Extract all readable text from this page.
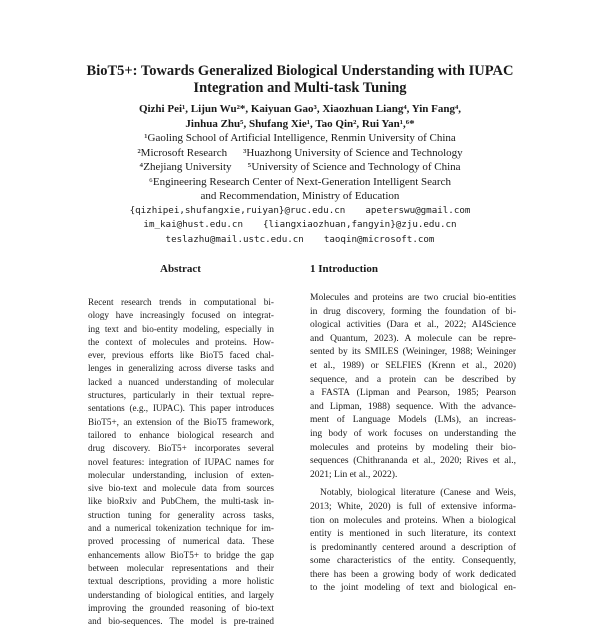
BioT5+: Towards Generalized Biological Understanding with IUPAC
Integration and Multi-task Tuning
Qizhi Pei¹, Lijun Wu²*, Kaiyuan Gao³, Xiaozhuan Liang⁴, Yin Fang⁴,
Jinhua Zhu⁵, Shufang Xie¹, Tao Qin², Rui Yan¹,⁶*
¹Gaoling School of Artificial Intelligence, Renmin University of China
²Microsoft Research ³Huazhong University of Science and Technology
⁴Zhejiang University ⁵University of Science and Technology of China
⁶Engineering Research Center of Next-Generation Intelligent Search
and Recommendation, Ministry of Education
{qizhipei,shufangxie,ruiyan}@ruc.edu.cn apeterswu@gmail.com
im_kai@hust.edu.cn {liangxiaozhuan,fangyin}@zju.edu.cn
teslazhu@mail.ustc.edu.cn taoqin@microsoft.com
Abstract
Recent research trends in computational bi-
ology have increasingly focused on integrat-
ing text and bio-entity modeling, especially in
the context of molecules and proteins. How-
ever, previous efforts like BioT5 faced chal-
lenges in generalizing across diverse tasks and
lacked a nuanced understanding of molecular
structures, particularly in their textual repre-
sentations (e.g., IUPAC). This paper introduces
BioT5+, an extension of the BioT5 framework,
tailored to enhance biological research and
drug discovery. BioT5+ incorporates several
novel features: integration of IUPAC names for
molecular understanding, inclusion of exten-
sive bio-text and molecule data from sources
like bioRxiv and PubChem, the multi-task in-
struction tuning for generality across tasks,
and a numerical tokenization technique for im-
proved processing of numerical data. These
enhancements allow BioT5+ to bridge the gap
between molecular representations and their
textual descriptions, providing a more holistic
understanding of biological entities, and largely
improving the grounded reasoning of bio-text
and bio-sequences. The model is pre-trained
1 Introduction
Molecules and proteins are two crucial bio-entities
in drug discovery, forming the foundation of bi-
ological activities (Dara et al., 2022; AI4Science
and Quantum, 2023). A molecule can be repre-
sented by its SMILES (Weininger, 1988; Weininger
et al., 1989) or SELFIES (Krenn et al., 2020)
sequence, and a protein can be described by
a FASTA (Lipman and Pearson, 1985; Pearson
and Lipman, 1988) sequence. With the advance-
ment of Language Models (LMs), an increas-
ing body of work focuses on understanding the
molecules and proteins by modeling their bio-
sequences (Chithrananda et al., 2020; Rives et al.,
2021; Lin et al., 2022).
Notably, biological literature (Canese and Weis,
2013; White, 2020) is full of extensive informa-
tion on molecules and proteins. When a biological
entity is mentioned in such literature, its context
is predominantly centered around a description of
some characteristics of the entity. Consequently,
there has been a growing body of work dedicated
to the joint modeling of text and biological en-
